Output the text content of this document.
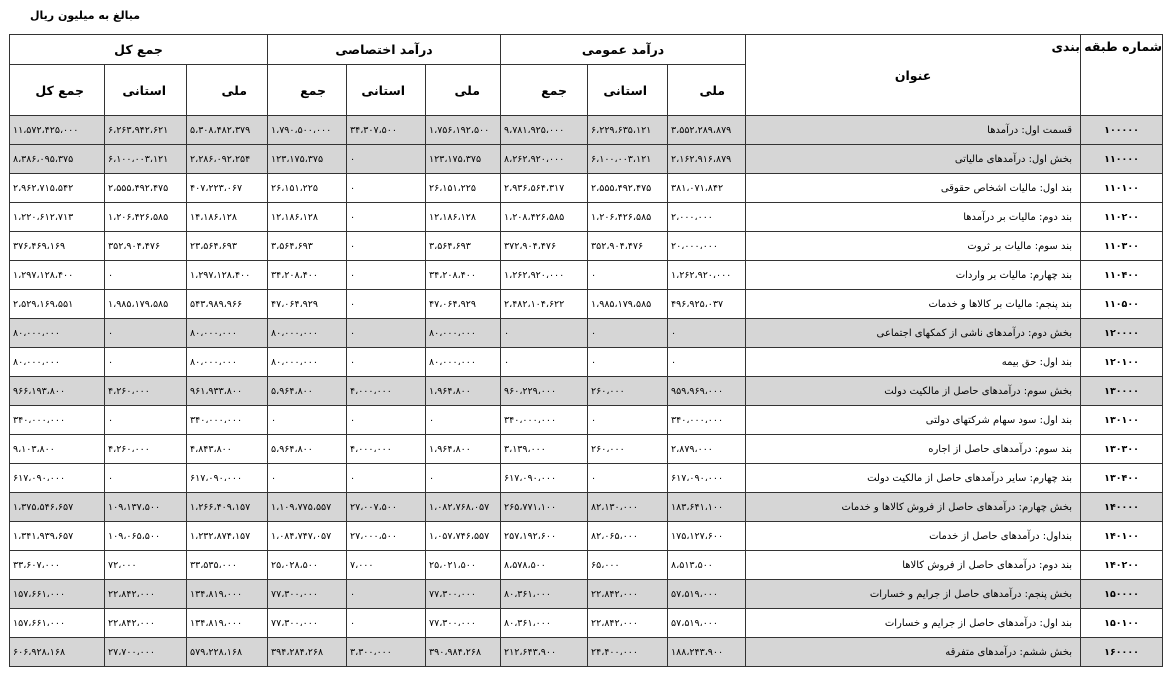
مبالغ به میلیون ریال
شماره طبقه بندی	عنوان	درآمد عمومی			درآمد اختصاصی			جمع کل		
		ملی	استانی	جمع	ملی	استانی	جمع	ملی	استانی	جمع کل
۱۰۰۰۰۰	قسمت اول: درآمدها	۳،۵۵۲،۲۸۹،۸۷۹	۶،۲۲۹،۶۳۵،۱۲۱	۹،۷۸۱،۹۲۵،۰۰۰	۱،۷۵۶،۱۹۲،۵۰۰	۳۴،۳۰۷،۵۰۰	۱،۷۹۰،۵۰۰،۰۰۰	۵،۳۰۸،۴۸۲،۳۷۹	۶،۲۶۳،۹۴۲،۶۲۱	۱۱،۵۷۲،۴۲۵،۰۰۰
۱۱۰۰۰۰	بخش اول: درآمدهای مالیاتی	۲،۱۶۲،۹۱۶،۸۷۹	۶،۱۰۰،۰۰۳،۱۲۱	۸،۲۶۲،۹۲۰،۰۰۰	۱۲۳،۱۷۵،۳۷۵	۰	۱۲۳،۱۷۵،۳۷۵	۲،۲۸۶،۰۹۲،۲۵۴	۶،۱۰۰،۰۰۳،۱۲۱	۸،۳۸۶،۰۹۵،۳۷۵
۱۱۰۱۰۰	بند اول: مالیات اشخاص حقوقی	۳۸۱،۰۷۱،۸۴۲	۲،۵۵۵،۴۹۲،۴۷۵	۲،۹۳۶،۵۶۴،۳۱۷	۲۶،۱۵۱،۲۲۵	۰	۲۶،۱۵۱،۲۲۵	۴۰۷،۲۲۳،۰۶۷	۲،۵۵۵،۴۹۲،۴۷۵	۲،۹۶۲،۷۱۵،۵۴۲
۱۱۰۲۰۰	بند دوم: مالیات بر درآمدها	۲،۰۰۰،۰۰۰	۱،۲۰۶،۴۲۶،۵۸۵	۱،۲۰۸،۴۲۶،۵۸۵	۱۲،۱۸۶،۱۲۸	۰	۱۲،۱۸۶،۱۲۸	۱۴،۱۸۶،۱۲۸	۱،۲۰۶،۴۲۶،۵۸۵	۱،۲۲۰،۶۱۲،۷۱۳
۱۱۰۳۰۰	بند سوم: مالیات بر ثروت	۲۰،۰۰۰،۰۰۰	۳۵۲،۹۰۴،۴۷۶	۳۷۲،۹۰۴،۴۷۶	۳،۵۶۴،۶۹۳	۰	۳،۵۶۴،۶۹۳	۲۳،۵۶۴،۶۹۳	۳۵۲،۹۰۴،۴۷۶	۳۷۶،۴۶۹،۱۶۹
۱۱۰۴۰۰	بند چهارم: مالیات بر واردات	۱،۲۶۲،۹۲۰،۰۰۰	۰	۱،۲۶۲،۹۲۰،۰۰۰	۳۴،۲۰۸،۴۰۰	۰	۳۴،۲۰۸،۴۰۰	۱،۲۹۷،۱۲۸،۴۰۰	۰	۱،۲۹۷،۱۲۸،۴۰۰
۱۱۰۵۰۰	بند پنجم: مالیات بر کالاها و خدمات	۴۹۶،۹۲۵،۰۳۷	۱،۹۸۵،۱۷۹،۵۸۵	۲،۴۸۲،۱۰۴،۶۲۲	۴۷،۰۶۴،۹۲۹	۰	۴۷،۰۶۴،۹۲۹	۵۴۳،۹۸۹،۹۶۶	۱،۹۸۵،۱۷۹،۵۸۵	۲،۵۲۹،۱۶۹،۵۵۱
۱۲۰۰۰۰	بخش دوم: درآمدهای ناشی از کمکهای اجتماعی	۰	۰	۰	۸۰،۰۰۰،۰۰۰	۰	۸۰،۰۰۰،۰۰۰	۸۰،۰۰۰،۰۰۰	۰	۸۰،۰۰۰،۰۰۰
۱۲۰۱۰۰	بند اول: حق بیمه	۰	۰	۰	۸۰،۰۰۰،۰۰۰	۰	۸۰،۰۰۰،۰۰۰	۸۰،۰۰۰،۰۰۰	۰	۸۰،۰۰۰،۰۰۰
۱۳۰۰۰۰	بخش سوم: درآمدهای حاصل از مالکیت دولت	۹۵۹،۹۶۹،۰۰۰	۲۶۰،۰۰۰	۹۶۰،۲۲۹،۰۰۰	۱،۹۶۴،۸۰۰	۴،۰۰۰،۰۰۰	۵،۹۶۴،۸۰۰	۹۶۱،۹۳۳،۸۰۰	۴،۲۶۰،۰۰۰	۹۶۶،۱۹۳،۸۰۰
۱۳۰۱۰۰	بند اول: سود سهام شرکتهای دولتی	۳۴۰،۰۰۰،۰۰۰	۰	۳۴۰،۰۰۰،۰۰۰	۰	۰	۰	۳۴۰،۰۰۰،۰۰۰	۰	۳۴۰،۰۰۰،۰۰۰
۱۳۰۳۰۰	بند سوم: درآمدهای حاصل از اجاره	۲،۸۷۹،۰۰۰	۲۶۰،۰۰۰	۳،۱۳۹،۰۰۰	۱،۹۶۴،۸۰۰	۴،۰۰۰،۰۰۰	۵،۹۶۴،۸۰۰	۴،۸۴۳،۸۰۰	۴،۲۶۰،۰۰۰	۹،۱۰۳،۸۰۰
۱۳۰۴۰۰	بند چهارم: سایر درآمدهای حاصل از مالکیت دولت	۶۱۷،۰۹۰،۰۰۰	۰	۶۱۷،۰۹۰،۰۰۰	۰	۰	۰	۶۱۷،۰۹۰،۰۰۰	۰	۶۱۷،۰۹۰،۰۰۰
۱۴۰۰۰۰	بخش چهارم: درآمدهای حاصل از فروش کالاها و خدمات	۱۸۳،۶۴۱،۱۰۰	۸۲،۱۳۰،۰۰۰	۲۶۵،۷۷۱،۱۰۰	۱،۰۸۲،۷۶۸،۰۵۷	۲۷،۰۰۷،۵۰۰	۱،۱۰۹،۷۷۵،۵۵۷	۱،۲۶۶،۴۰۹،۱۵۷	۱۰۹،۱۳۷،۵۰۰	۱،۳۷۵،۵۴۶،۶۵۷
۱۴۰۱۰۰	بنداول: درآمدهای حاصل از خدمات	۱۷۵،۱۲۷،۶۰۰	۸۲،۰۶۵،۰۰۰	۲۵۷،۱۹۲،۶۰۰	۱،۰۵۷،۷۴۶،۵۵۷	۲۷،۰۰۰،۵۰۰	۱،۰۸۴،۷۴۷،۰۵۷	۱،۲۳۲،۸۷۴،۱۵۷	۱۰۹،۰۶۵،۵۰۰	۱،۳۴۱،۹۳۹،۶۵۷
۱۴۰۲۰۰	بند دوم: درآمدهای حاصل از فروش کالاها	۸،۵۱۳،۵۰۰	۶۵،۰۰۰	۸،۵۷۸،۵۰۰	۲۵،۰۲۱،۵۰۰	۷،۰۰۰	۲۵،۰۲۸،۵۰۰	۳۳،۵۳۵،۰۰۰	۷۲،۰۰۰	۳۳،۶۰۷،۰۰۰
۱۵۰۰۰۰	بخش پنجم: درآمدهای حاصل از جرایم و خسارات	۵۷،۵۱۹،۰۰۰	۲۲،۸۴۲،۰۰۰	۸۰،۳۶۱،۰۰۰	۷۷،۳۰۰،۰۰۰	۰	۷۷،۳۰۰،۰۰۰	۱۳۴،۸۱۹،۰۰۰	۲۲،۸۴۲،۰۰۰	۱۵۷،۶۶۱،۰۰۰
۱۵۰۱۰۰	بند اول: درآمدهای حاصل از جرایم و خسارات	۵۷،۵۱۹،۰۰۰	۲۲،۸۴۲،۰۰۰	۸۰،۳۶۱،۰۰۰	۷۷،۳۰۰،۰۰۰	۰	۷۷،۳۰۰،۰۰۰	۱۳۴،۸۱۹،۰۰۰	۲۲،۸۴۲،۰۰۰	۱۵۷،۶۶۱،۰۰۰
۱۶۰۰۰۰	بخش ششم: درآمدهای متفرقه	۱۸۸،۲۴۳،۹۰۰	۲۴،۴۰۰،۰۰۰	۲۱۲،۶۴۳،۹۰۰	۳۹۰،۹۸۴،۲۶۸	۳،۳۰۰،۰۰۰	۳۹۴،۲۸۴،۲۶۸	۵۷۹،۲۲۸،۱۶۸	۲۷،۷۰۰،۰۰۰	۶۰۶،۹۲۸،۱۶۸
